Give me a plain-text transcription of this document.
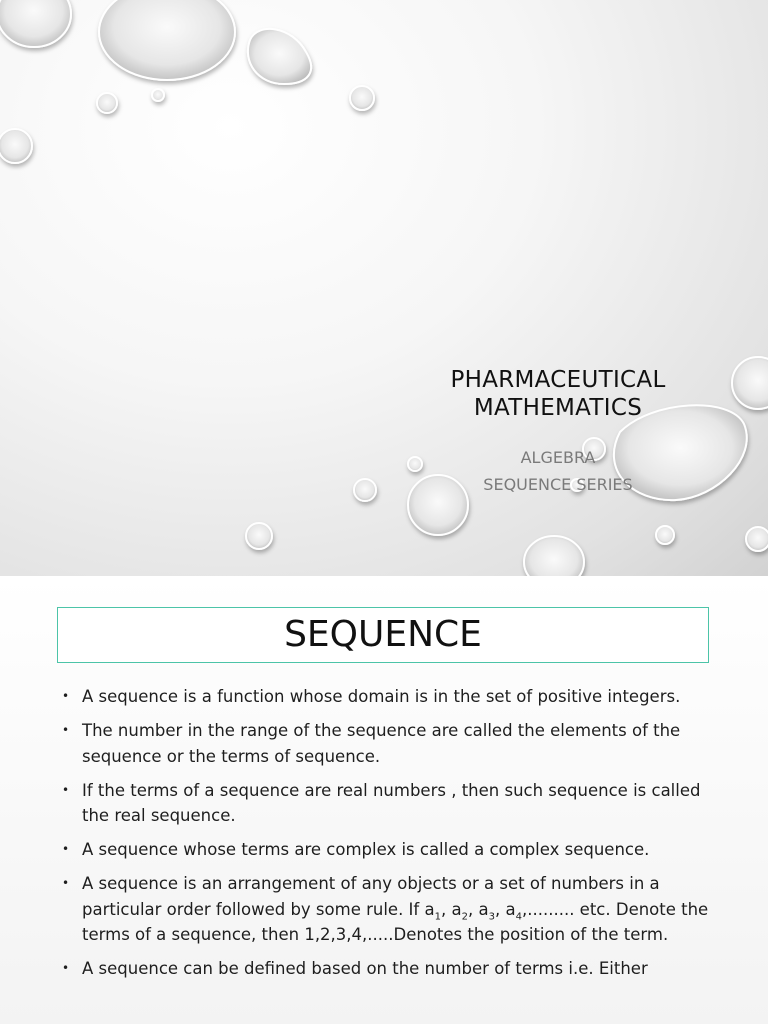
PHARMACEUTICAL MATHEMATICS
ALGEBRA
SEQUENCE SERIES
SEQUENCE
• A sequence is a function whose domain is in the set of positive integers.
• The number in the range of the sequence are called the elements of the sequence or the terms of sequence.
• If the terms of a sequence are real numbers , then such sequence is called the real sequence.
• A sequence whose terms are complex is called a complex sequence.
• A sequence is an arrangement of any objects or a set of numbers in a particular order followed by some rule. If $a_1$, $a_2$, $a_3$, $a_4$,......... etc. Denote the terms of a sequence, then 1,2,3,4,.....Denotes the position of the term.
• A sequence can be defined based on the number of terms i.e. Either
